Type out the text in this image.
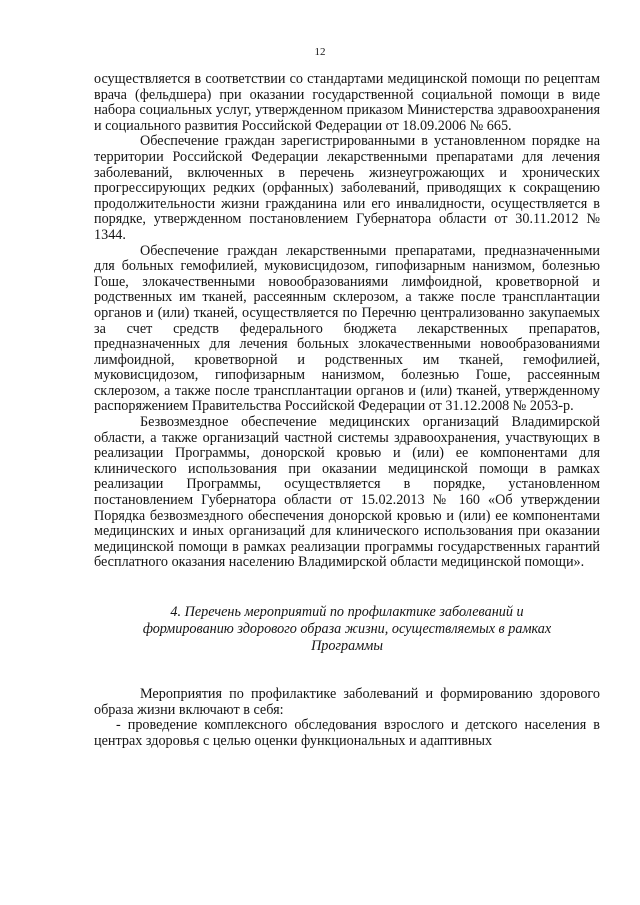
12

осуществляется в соответствии со стандартами медицинской помощи по рецептам врача (фельдшера) при оказании государственной социальной помощи в виде набора социальных услуг, утвержденном приказом Министерства здравоохранения и социального развития Российской Федерации от 18.09.2006 № 665.

Обеспечение граждан зарегистрированными в установленном порядке на территории Российской Федерации лекарственными препаратами для лечения заболеваний, включенных в перечень жизнеугрожающих и хронических прогрессирующих редких (орфанных) заболеваний, приводящих к сокращению продолжительности жизни гражданина или его инвалидности, осуществляется в порядке, утвержденном постановлением Губернатора области от 30.11.2012 № 1344.

Обеспечение граждан лекарственными препаратами, предназначенными для больных гемофилией, муковисцидозом, гипофизарным нанизмом, болезнью Гоше, злокачественными новообразованиями лимфоидной, кроветворной и родственных им тканей, рассеянным склерозом, а также после трансплантации органов и (или) тканей, осуществляется по Перечню централизованно закупаемых за счет средств федерального бюджета лекарственных препаратов, предназначенных для лечения больных злокачественными новообразованиями лимфоидной, кроветворной и родственных им тканей, гемофилией, муковисцидозом, гипофизарным нанизмом, болезнью Гоше, рассеянным склерозом, а также после трансплантации органов и (или) тканей, утвержденному распоряжением Правительства Российской Федерации от 31.12.2008 № 2053-р.

Безвозмездное обеспечение медицинских организаций Владимирской области, а также организаций частной системы здравоохранения, участвующих в реализации Программы, донорской кровью и (или) ее компонентами для клинического использования при оказании медицинской помощи в рамках реализации Программы, осуществляется в порядке, установленном постановлением Губернатора области от 15.02.2013 № 160 «Об утверждении Порядка безвозмездного обеспечения донорской кровью и (или) ее компонентами медицинских и иных организаций для клинического использования при оказании медицинской помощи в рамках реализации программы государственных гарантий бесплатного оказания населению Владимирской области медицинской помощи».

4. Перечень мероприятий по профилактике заболеваний и
формированию здорового образа жизни, осуществляемых в рамках
Программы

Мероприятия по профилактике заболеваний и формированию здорового образа жизни включают в себя:

- проведение комплексного обследования взрослого и детского населения в центрах здоровья с целью оценки функциональных и адаптивных
